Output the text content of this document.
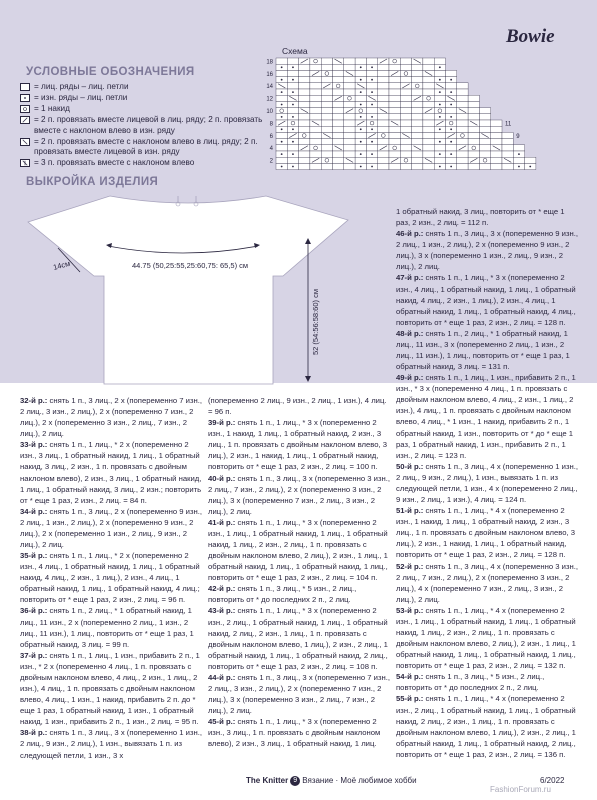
Bowie
УСЛОВНЫЕ ОБОЗНАЧЕНИЯ
= лиц. ряды – лиц. петли
= изн. ряды – лиц. петли
= 1 накид
= 2 п. провязать вместе лицевой в лиц. ряду; 2 п. провязать вместе с наклоном влево в изн. ряду
= 2 п. провязать вместе с наклоном влево в лиц. ряду; 2 п. провязать вместе лицевой в изн. ряду
= 3 п. провязать вместе с наклоном влево
Схема
18
16
14
12
10
8
6
4
2
11
9
ВЫКРОЙКА ИЗДЕЛИЯ
44.75 (50,25:55,25:60,75: 65,5) см
14см
52 (54:56:58:60) см

32-й р.: снять 1 п., 3 лиц., 2 x (попеременно 7 изн., 2 лиц., 3 изн., 2 лиц.), 2 x (попеременно 7 изн., 2 лиц.), 2 x (попеременно 3 изн., 2 лиц., 7 изн., 2 лиц.), 2 лиц.

33-й р.: снять 1 п., 1 лиц., * 2 x (попеременно 2 изн., 3 лиц., 1 обратный накид, 1 лиц., 1 обратный накид, 3 лиц., 2 изн., 1 п. провязать с двойным наклоном влево), 2 изн., 3 лиц., 1 обратный накид, 1 лиц., 1 обратный накид, 3 лиц., 2 изн.; повторить от * еще 1 раз, 2 изн., 2 лиц. = 84 п.

34-й р.: снять 1 п., 3 лиц., 2 x (попеременно 9 изн., 2 лиц., 1 изн., 2 лиц.), 2 x (попеременно 9 изн., 2 лиц.), 2 x (попеременно 1 изн., 2 лиц., 9 изн., 2 лиц.), 2 лиц.

35-й р.: снять 1 п., 1 лиц., * 2 x (попеременно 2 изн., 4 лиц., 1 обратный накид, 1 лиц., 1 обратный накид, 4 лиц., 2 изн., 1 лиц.), 2 изн., 4 лиц., 1 обратный накид, 1 лиц., 1 обратный накид, 4 лиц.; повторить от * еще 1 раз, 2 изн., 2 лиц. = 96 п.

36-й р.: снять 1 п., 2 лиц., * 1 обратный накид, 1 лиц., 11 изн., 2 x (попеременно 2 лиц., 1 изн., 2 лиц., 11 изн.), 1 лиц., повторить от * еще 1 раз, 1 обратный накид, 3 лиц. = 99 п.

37-й р.: снять 1 п., 1 лиц., 1 изн., прибавить 2 п., 1 изн., * 2 x (попеременно 4 лиц., 1 п. провязать с двойным наклоном влево, 4 лиц., 2 изн., 1 лиц., 2 изн.), 4 лиц., 1 п. провязать с двойным наклоном влево, 4 лиц., 1 изн., 1 накид, прибавить 2 п. до * еще 1 раз, 1 обратный накид, 1 изн., 1 обратный накид, 1 изн., прибавить 2 п., 1 изн., 2 лиц. = 95 п.

38-й р.: снять 1 п., 3 лиц., 3 x (попеременно 1 изн., 2 лиц., 9 изн., 2 лиц.), 1 изн., вывязать 1 п. из следующей петли, 1 изн., 3 x

(попеременно 2 лиц., 9 изн., 2 лиц., 1 изн.), 4 лиц. = 96 п.

39-й р.: снять 1 п., 1 лиц., * 3 x (попеременно 2 изн., 1 накид, 1 лиц., 1 обратный накид, 2 изн., 3 лиц., 1 п. провязать с двойным наклоном влево, 3 лиц.), 2 изн., 1 накид, 1 лиц., 1 обратный накид, повторить от * еще 1 раз, 2 изн., 2 лиц. = 100 п.

40-й р.: снять 1 п., 3 лиц., 3 x (попеременно 3 изн., 2 лиц., 7 изн., 2 лиц.), 2 x (попеременно 3 изн., 2 лиц.), 3 x (попеременно 7 изн., 2 лиц., 3 изн., 2 лиц.), 2 лиц.

41-й р.: снять 1 п., 1 лиц., * 3 x (попеременно 2 изн., 1 лиц., 1 обратный накид, 1 лиц., 1 обратный накид, 1 лиц., 2 изн., 2 лиц., 1 п. провязать с двойным наклоном влево, 2 лиц.), 2 изн., 1 лиц., 1 обратный накид, 1 лиц., 1 обратный накид, 1 лиц., повторить от * еще 1 раз, 2 изн., 2 лиц. = 104 п.

42-й р.: снять 1 п., 3 лиц., * 5 изн., 2 лиц., повторить от * до последних 2 п., 2 лиц.

43-й р.: снять 1 п., 1 лиц., * 3 x (попеременно 2 изн., 2 лиц., 1 обратный накид, 1 лиц., 1 обратный накид, 2 лиц., 2 изн., 1 лиц., 1 п. провязать с двойным наклоном влево, 1 лиц.), 2 изн., 2 лиц., 1 обратный накид, 1 лиц., 1 обратный накид, 2 лиц., повторить от * еще 1 раз, 2 изн., 2 лиц. = 108 п.

44-й р.: снять 1 п., 3 лиц., 3 x (попеременно 7 изн., 2 лиц., 3 изн., 2 лиц.), 2 x (попеременно 7 изн., 2 лиц.), 3 x (попеременно 3 изн., 2 лиц., 7 изн., 2 лиц.), 2 лиц.

45-й р.: снять 1 п., 1 лиц., * 3 x (попеременно 2 изн., 3 лиц., 1 п. провязать с двойным наклоном влево), 2 изн., 3 лиц., 1 обратный накид, 1 лиц.

1 обратный накид, 3 лиц., повторить от * еще 1 раз, 2 изн., 2 лиц. = 112 п.

46-й р.: снять 1 п., 3 лиц., 3 x (попеременно 9 изн., 2 лиц., 1 изн., 2 лиц.), 2 x (попеременно 9 изн., 2 лиц.), 3 x (попеременно 1 изн., 2 лиц., 9 изн., 2 лиц.), 2 лиц.

47-й р.: снять 1 п., 1 лиц., * 3 x (попеременно 2 изн., 4 лиц., 1 обратный накид, 1 лиц., 1 обратный накид, 4 лиц., 2 изн., 1 лиц.), 2 изн., 4 лиц., 1 обратный накид, 1 лиц., 1 обратный накид, 4 лиц., повторить от * еще 1 раз, 2 изн., 2 лиц. = 128 п.

48-й р.: снять 1 п., 2 лиц., * 1 обратный накид, 1 лиц., 11 изн., 3 x (попеременно 2 лиц., 1 изн., 2 лиц., 11 изн.), 1 лиц., повторить от * еще 1 раз, 1 обратный накид, 3 лиц. = 131 п.

49-й р.: снять 1 п., 1 лиц., 1 изн., прибавить 2 п., 1 изн., * 3 x (попеременно 4 лиц., 1 п. провязать с двойным наклоном влево, 4 лиц., 2 изн., 1 лиц., 2 изн.), 4 лиц., 1 п. провязать с двойным наклоном влево, 4 лиц., * 1 изн., 1 накид, прибавить 2 п., 1 обратный накид, 1 изн., повторить от * до * еще 1 раз, 1 обратный накид, 1 изн., прибавить 2 п., 1 изн., 2 лиц. = 123 п.

50-й р.: снять 1 п., 3 лиц., 4 x (попеременно 1 изн., 2 лиц., 9 изн., 2 лиц.), 1 изн., вывязать 1 п. из следующей петли, 1 изн., 4 x (попеременно 2 лиц., 9 изн., 2 лиц., 1 изн.), 4 лиц. = 124 п.

51-й р.: снять 1 п., 1 лиц., * 4 x (попеременно 2 изн., 1 накид, 1 лиц., 1 обратный накид, 2 изн., 3 лиц., 1 п. провязать с двойным наклоном влево, 3 лиц.), 2 изн., 1 накид, 1 лиц., 1 обратный накид, повторить от * еще 1 раз, 2 изн., 2 лиц. = 128 п.

52-й р.: снять 1 п., 3 лиц., 4 x (попеременно 3 изн., 2 лиц., 7 изн., 2 лиц.), 2 x (попеременно 3 изн., 2 лиц.), 4 x (попеременно 7 изн., 2 лиц., 3 изн., 2 лиц.), 2 лиц.

53-й р.: снять 1 п., 1 лиц., * 4 x (попеременно 2 изн., 1 лиц., 1 обратный накид, 1 лиц., 1 обратный накид, 1 лиц., 2 изн., 2 лиц., 1 п. провязать с двойным наклоном влево, 2 лиц.), 2 изн., 1 лиц., 1 обратный накид, 1 лиц., 1 обратный накид, 1 лиц., повторить от * еще 1 раз, 2 изн., 2 лиц. = 132 п.

54-й р.: снять 1 п., 3 лиц., * 5 изн., 2 лиц., повторить от * до последних 2 п., 2 лиц.

55-й р.: снять 1 п., 1 лиц., * 4 x (попеременно 2 изн., 2 лиц., 1 обратный накид, 1 лиц., 1 обратный накид, 2 лиц., 2 изн., 1 лиц., 1 п. провязать с двойным наклоном влево, 1 лиц.), 2 изн., 2 лиц., 1 обратный накид, 1 лиц., 1 обратный накид, 2 лиц., повторить от * еще 1 раз, 2 изн., 2 лиц. = 136 п.

The Knitter 9 Вязание · Моё любимое хобби	6/2022
FashionForum.ru
